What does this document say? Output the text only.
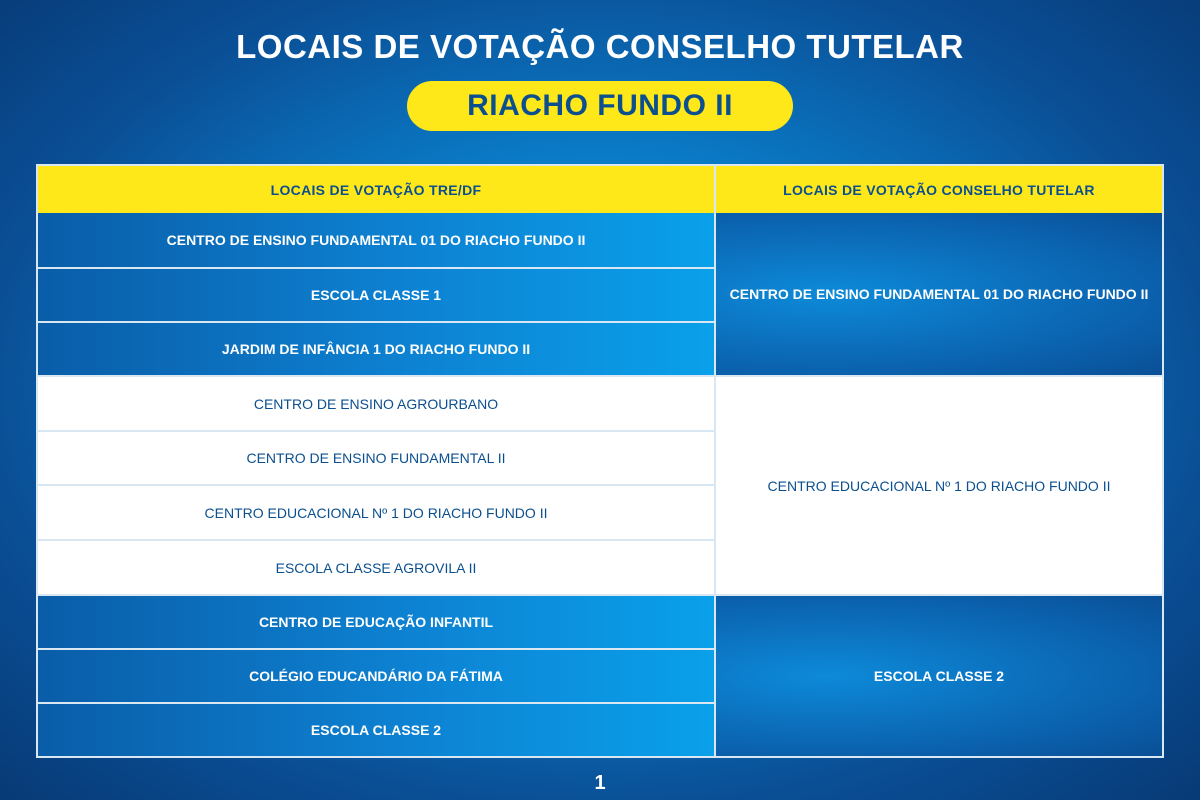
LOCAIS DE VOTAÇÃO CONSELHO TUTELAR
RIACHO FUNDO II
LOCAIS DE VOTAÇÃO TRE/DF	LOCAIS DE VOTAÇÃO CONSELHO TUTELAR
CENTRO DE ENSINO FUNDAMENTAL 01 DO RIACHO FUNDO II
ESCOLA CLASSE 1
JARDIM DE INFÂNCIA 1 DO RIACHO FUNDO II
CENTRO DE ENSINO FUNDAMENTAL 01 DO RIACHO FUNDO II
CENTRO DE ENSINO AGROURBANO
CENTRO DE ENSINO FUNDAMENTAL II
CENTRO EDUCACIONAL Nº 1 DO RIACHO FUNDO II
ESCOLA CLASSE AGROVILA II
CENTRO EDUCACIONAL Nº 1 DO RIACHO FUNDO II
CENTRO DE EDUCAÇÃO INFANTIL
COLÉGIO EDUCANDÁRIO DA FÁTIMA
ESCOLA CLASSE 2
ESCOLA CLASSE 2
1
